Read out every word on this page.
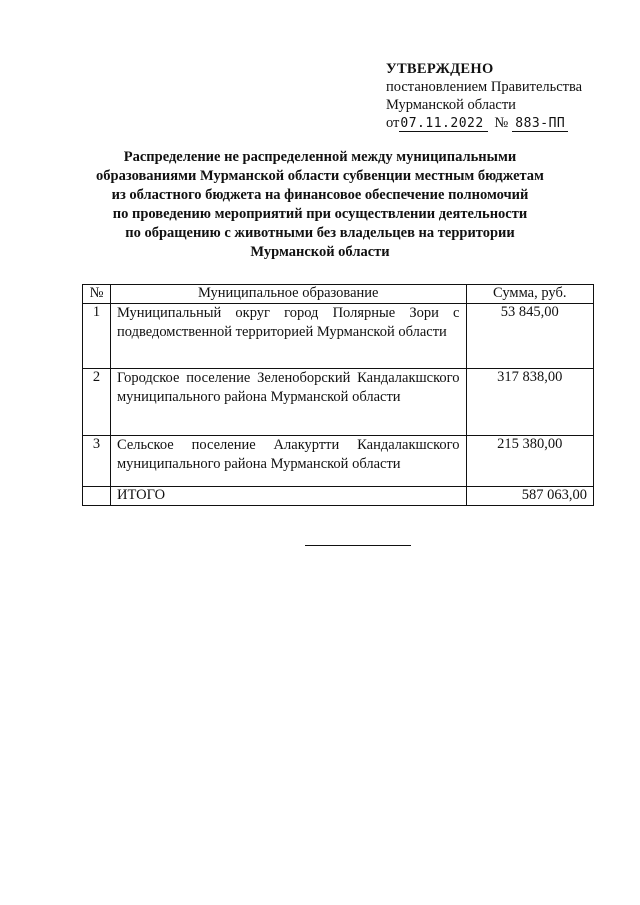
УТВЕРЖДЕНО
постановлением Правительства
Мурманской области
от07.11.2022 № 883-ПП
Распределение не распределенной между муниципальными
образованиями Мурманской области субвенции местным бюджетам
из областного бюджета на финансовое обеспечение полномочий
по проведению мероприятий при осуществлении деятельности
по обращению с животными без владельцев на территории
Мурманской области
№	Муниципальное образование	Сумма, руб.
1	Муниципальный округ город Полярные Зори с подведомственной территорией Мурманской области	53 845,00
2	Городское поселение Зеленоборский Кандалакшского муниципального района Мурманской области	317 838,00
3	Сельское поселение Алакуртти Кандалакшского муниципального района Мурманской области	215 380,00
	ИТОГО	587 063,00
